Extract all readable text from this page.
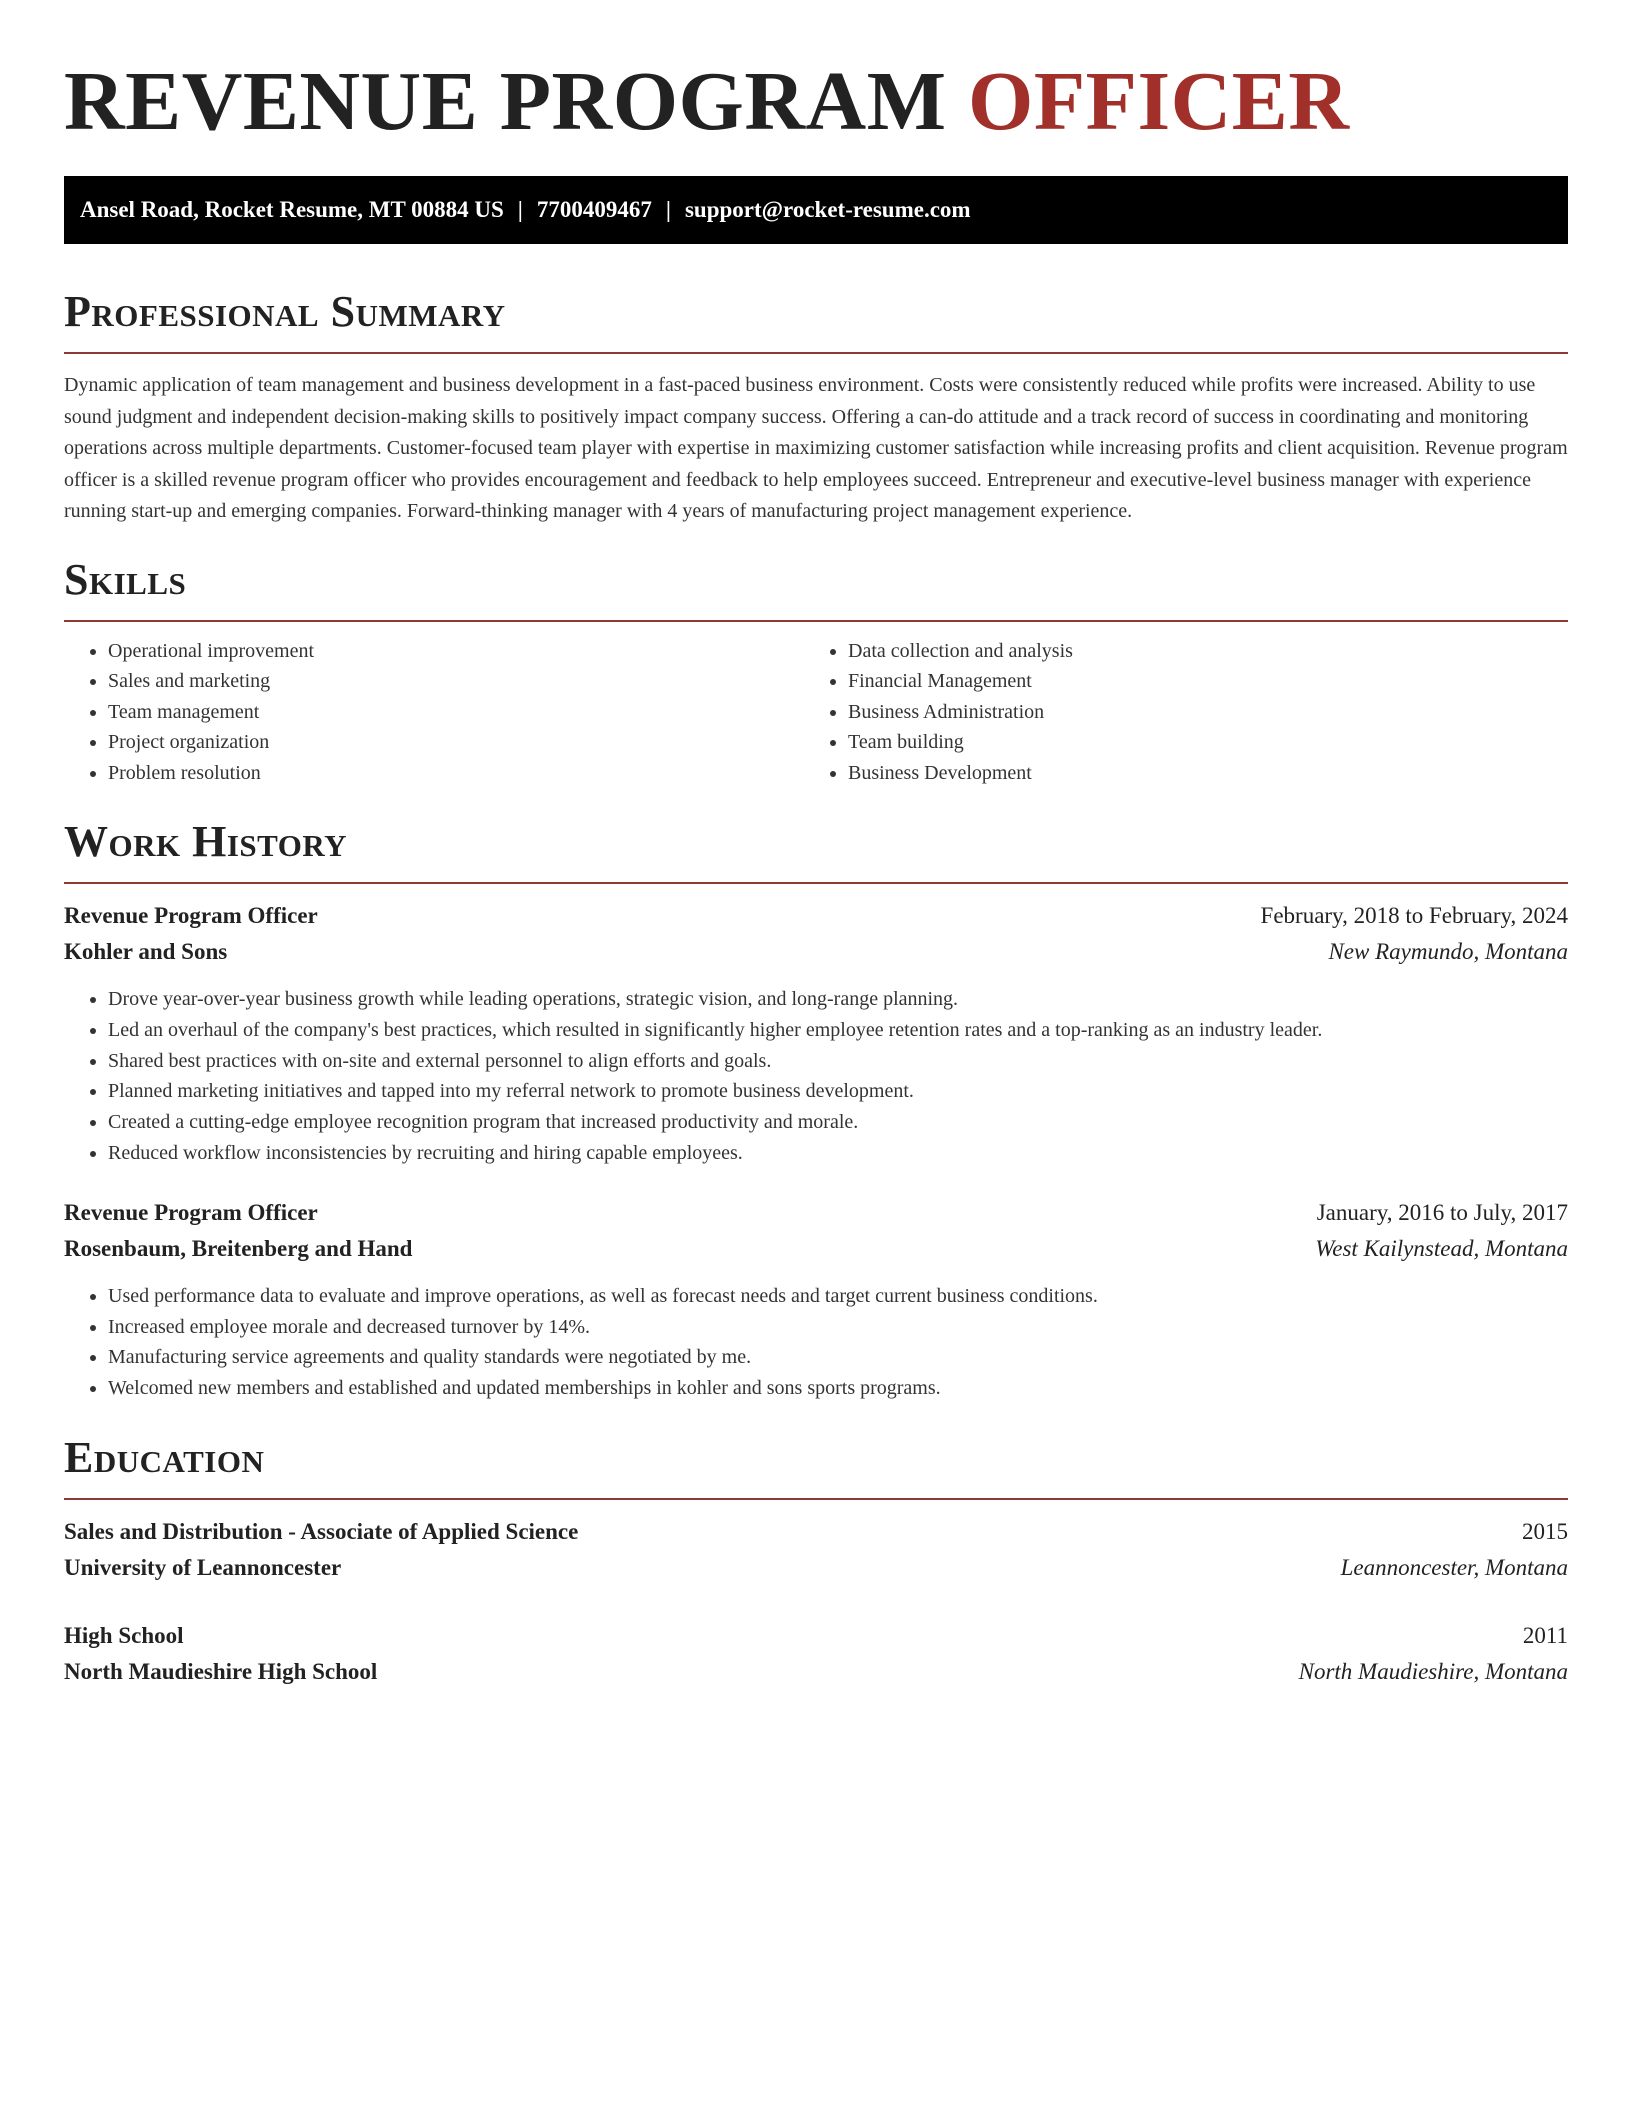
REVENUE PROGRAM OFFICER
Ansel Road, Rocket Resume, MT 00884 US | 7700409467 | support@rocket-resume.com
Professional Summary

Dynamic application of team management and business development in a fast-paced business environment. Costs were consistently reduced while profits were increased. Ability to use sound judgment and independent decision-making skills to positively impact company success. Offering a can-do attitude and a track record of success in coordinating and monitoring operations across multiple departments. Customer-focused team player with expertise in maximizing customer satisfaction while increasing profits and client acquisition. Revenue program officer is a skilled revenue program officer who provides encouragement and feedback to help employees succeed. Entrepreneur and executive-level business manager with experience running start-up and emerging companies. Forward-thinking manager with 4 years of manufacturing project management experience.

Skills
• Operational improvement
• Sales and marketing
• Team management
• Project organization
• Problem resolution
• Data collection and analysis
• Financial Management
• Business Administration
• Team building
• Business Development
Work History
Revenue Program Officer	February, 2018 to February, 2024
Kohler and Sons	New Raymundo, Montana
• Drove year-over-year business growth while leading operations, strategic vision, and long-range planning.
• Led an overhaul of the company's best practices, which resulted in significantly higher employee retention rates and a top-ranking as an industry leader.
• Shared best practices with on-site and external personnel to align efforts and goals.
• Planned marketing initiatives and tapped into my referral network to promote business development.
• Created a cutting-edge employee recognition program that increased productivity and morale.
• Reduced workflow inconsistencies by recruiting and hiring capable employees.
Revenue Program Officer	January, 2016 to July, 2017
Rosenbaum, Breitenberg and Hand	West Kailynstead, Montana
• Used performance data to evaluate and improve operations, as well as forecast needs and target current business conditions.
• Increased employee morale and decreased turnover by 14%.
• Manufacturing service agreements and quality standards were negotiated by me.
• Welcomed new members and established and updated memberships in kohler and sons sports programs.
Education
Sales and Distribution - Associate of Applied Science	2015
University of Leannoncester	Leannoncester, Montana
High School	2011
North Maudieshire High School	North Maudieshire, Montana
